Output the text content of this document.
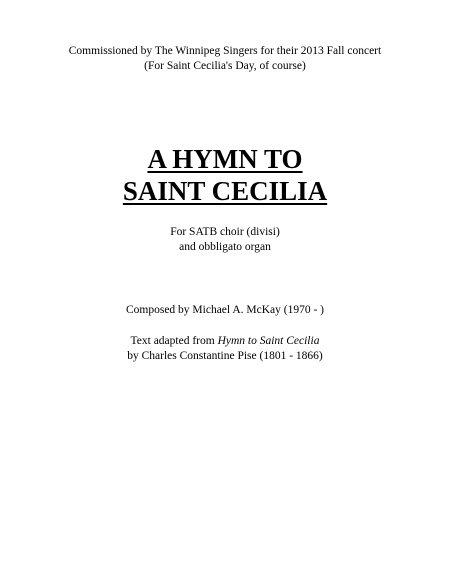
Commissioned by The Winnipeg Singers for their 2013 Fall concert
(For Saint Cecilia's Day, of course)
A HYMN TO
SAINT CECILIA
For SATB choir (divisi)
and obbligato organ
Composed by Michael A. McKay (1970 - )
Text adapted from Hymn to Saint Cecilia
by Charles Constantine Pise (1801 - 1866)
